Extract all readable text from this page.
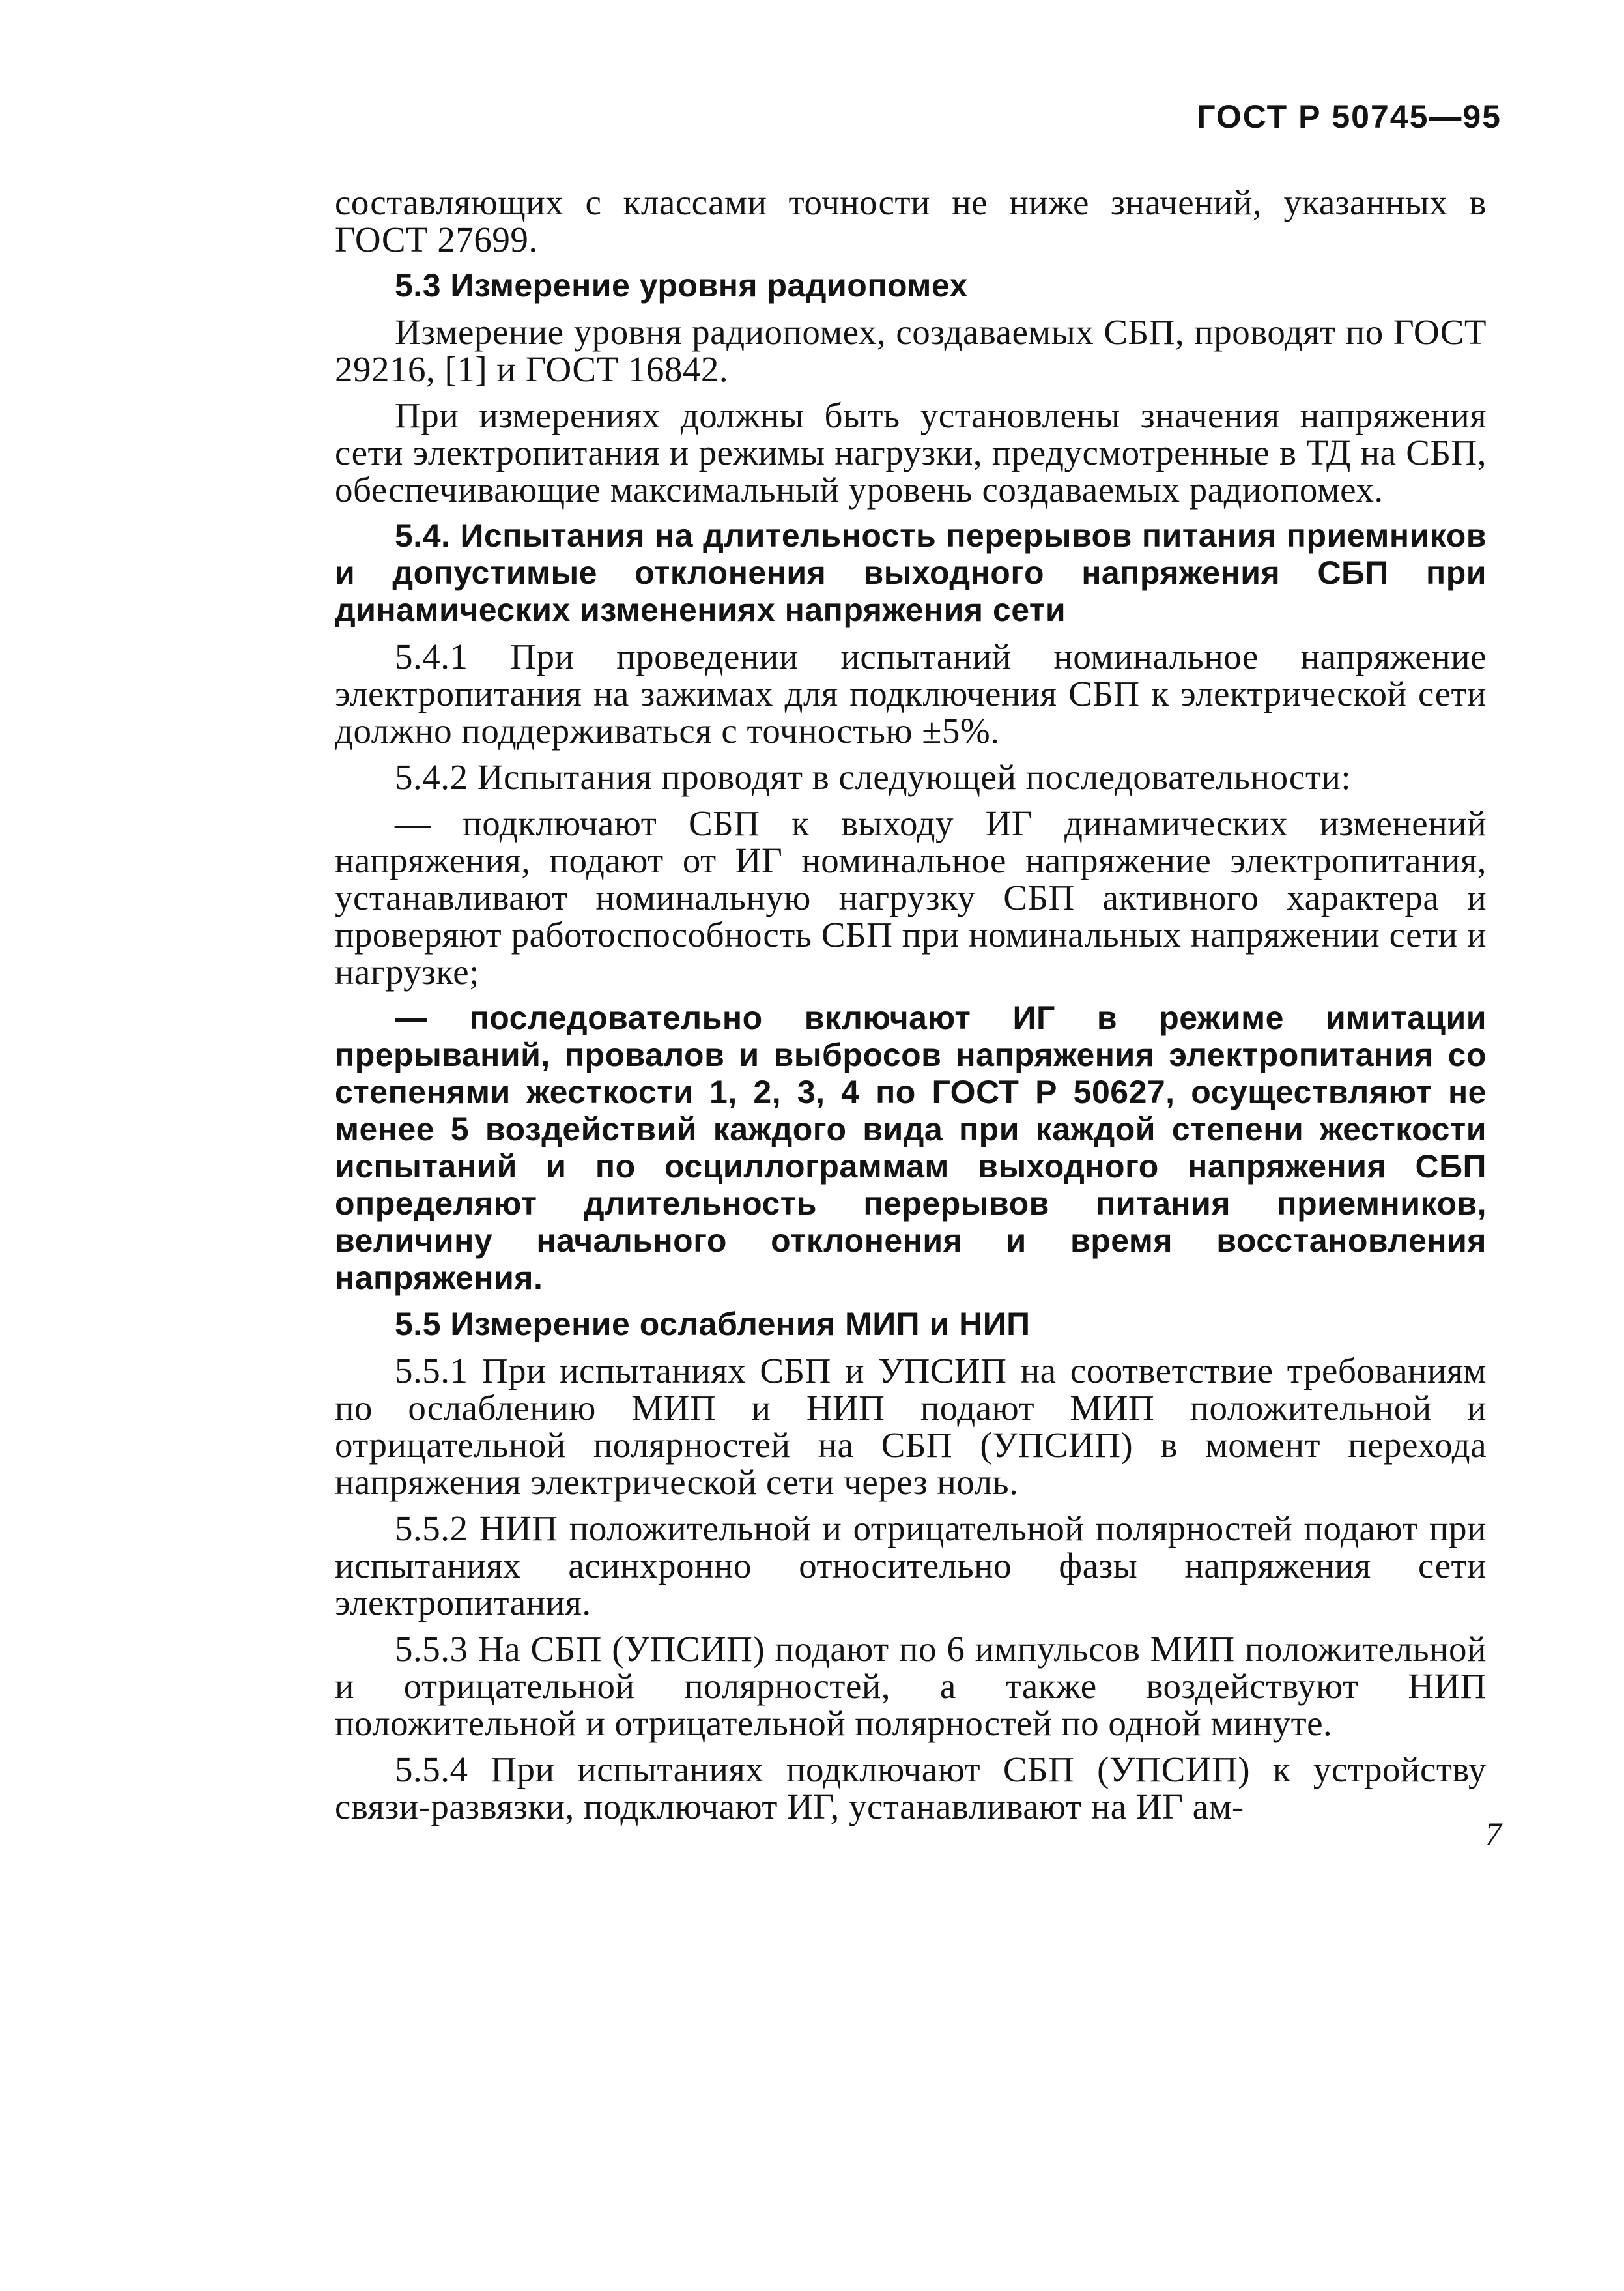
ГОСТ Р 50745—95

составляющих с классами точности не ниже значений, указанных в ГОСТ 27699.

5.3 Измерение уровня радиопомех

Измерение уровня радиопомех, создаваемых СБП, проводят по ГОСТ 29216, [1] и ГОСТ 16842.

При измерениях должны быть установлены значения напряжения сети электропитания и режимы нагрузки, предусмотренные в ТД на СБП, обеспечивающие максимальный уровень создаваемых радиопомех.

5.4. Испытания на длительность перерывов питания приемников и допустимые отклонения выходного напряжения СБП при динамических изменениях напряжения сети

5.4.1 При проведении испытаний номинальное напряжение электропитания на зажимах для подключения СБП к электрической сети должно поддерживаться с точностью ±5%.

5.4.2 Испытания проводят в следующей последовательности:

— подключают СБП к выходу ИГ динамических изменений напряжения, подают от ИГ номинальное напряжение электропитания, устанавливают номинальную нагрузку СБП активного характера и проверяют работоспособность СБП при номинальных напряжении сети и нагрузке;

— последовательно включают ИГ в режиме имитации прерываний, провалов и выбросов напряжения электропитания со степенями жесткости 1, 2, 3, 4 по ГОСТ Р 50627, осуществляют не менее 5 воздействий каждого вида при каждой степени жесткости испытаний и по осциллограммам выходного напряжения СБП определяют длительность перерывов питания приемников, величину начального отклонения и время восстановления напряжения.

5.5 Измерение ослабления МИП и НИП

5.5.1 При испытаниях СБП и УПСИП на соответствие требованиям по ослаблению МИП и НИП подают МИП положительной и отрицательной полярностей на СБП (УПСИП) в момент перехода напряжения электрической сети через ноль.

5.5.2 НИП положительной и отрицательной полярностей подают при испытаниях асинхронно относительно фазы напряжения сети электропитания.

5.5.3 На СБП (УПСИП) подают по 6 импульсов МИП положительной и отрицательной полярностей, а также воздействуют НИП положительной и отрицательной полярностей по одной минуте.

5.5.4 При испытаниях подключают СБП (УПСИП) к устройству связи-развязки, подключают ИГ, устанавливают на ИГ ам-

7
